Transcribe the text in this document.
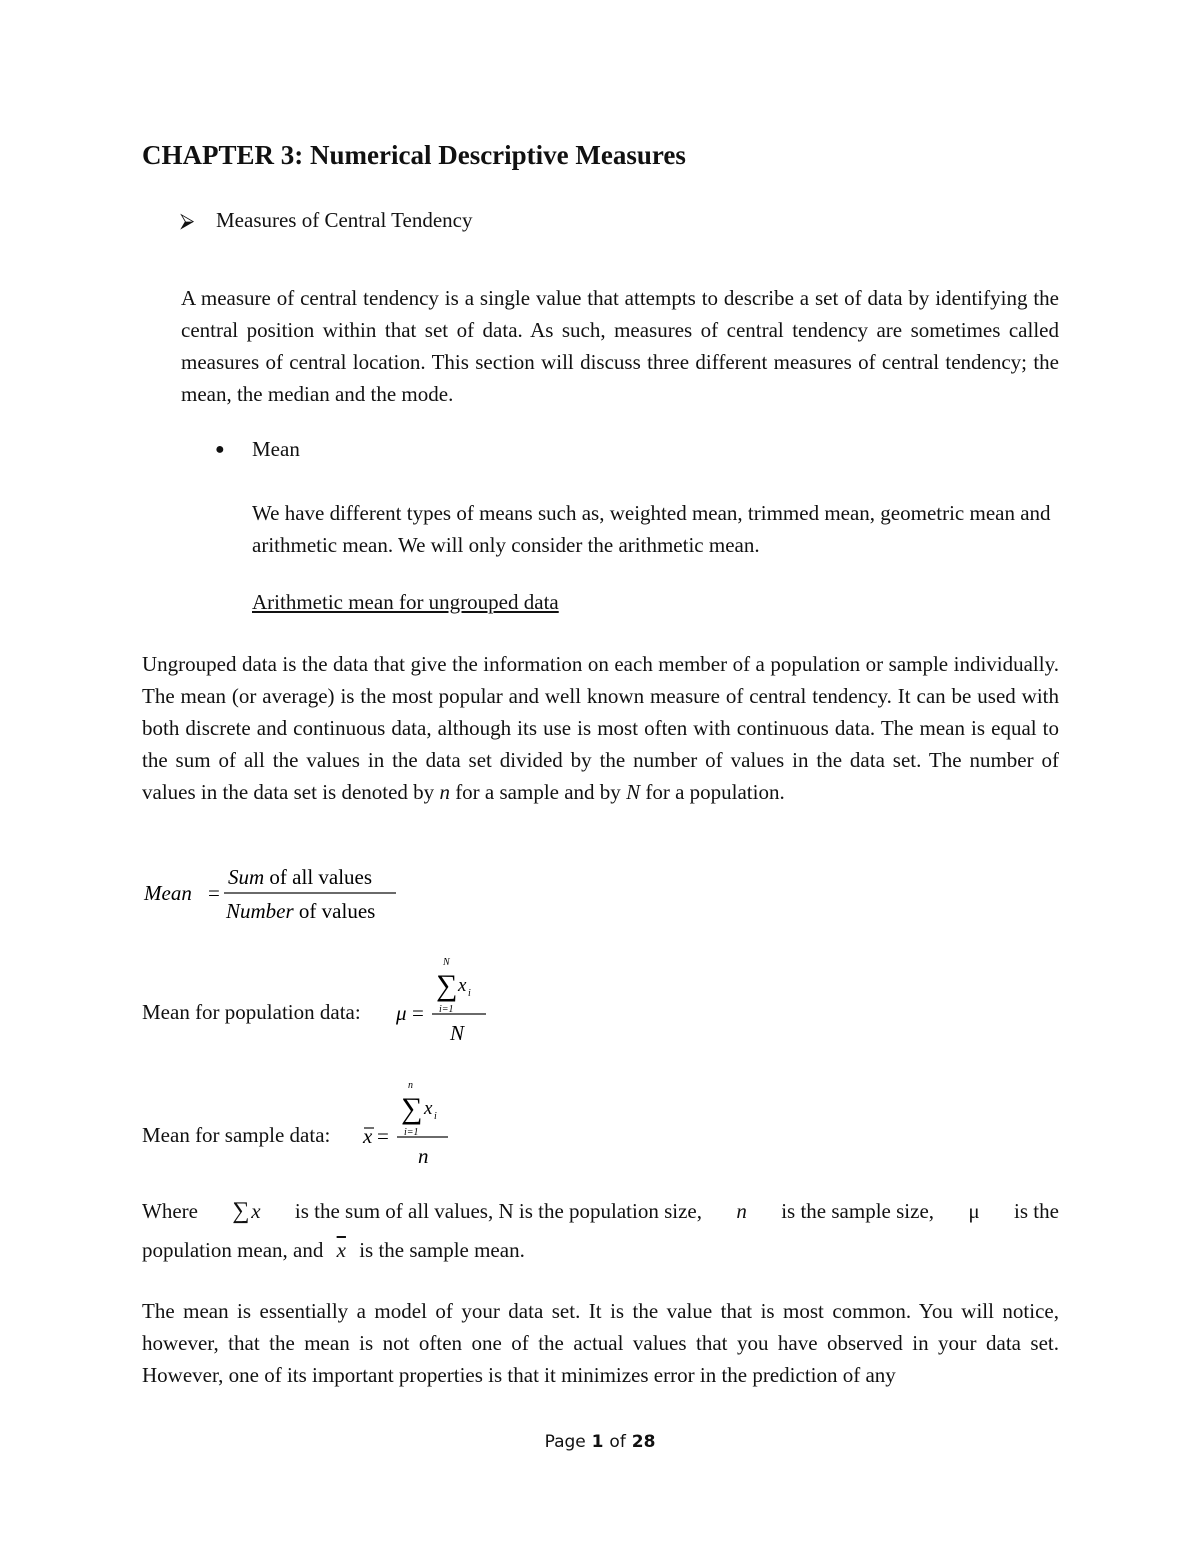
CHAPTER 3: Numerical Descriptive Measures
⮚ Measures of Central Tendency
A measure of central tendency is a single value that attempts to describe a set of data by identifying the central position within that set of data. As such, measures of central tendency are sometimes called measures of central location. This section will discuss three different measures of central tendency; the mean, the median and the mode.
● Mean
We have different types of means such as, weighted mean, trimmed mean, geometric mean and arithmetic mean. We will only consider the arithmetic mean.
Arithmetic mean for ungrouped data
Ungrouped data is the data that give the information on each member of a population or sample individually. The mean (or average) is the most popular and well known measure of central tendency. It can be used with both discrete and continuous data, although its use is most often with continuous data. The mean is equal to the sum of all the values in the data set divided by the number of values in the data set. The number of values in the data set is denoted by n for a sample and by N for a population.
Mean =
Sum of all values
Number of values
Mean for population data: μ =
N
∑ x i
i=1
N
Mean for sample data: x =
n
∑ x i
i=1
n
Where ∑ x is the sum of all values, N is the population size, n is the sample size, μ is the
population mean, and $\overline{x}$ is the sample mean.
The mean is essentially a model of your data set. It is the value that is most common. You will notice, however, that the mean is not often one of the actual values that you have observed in your data set. However, one of its important properties is that it minimizes error in the prediction of any
Page 1 of 28
